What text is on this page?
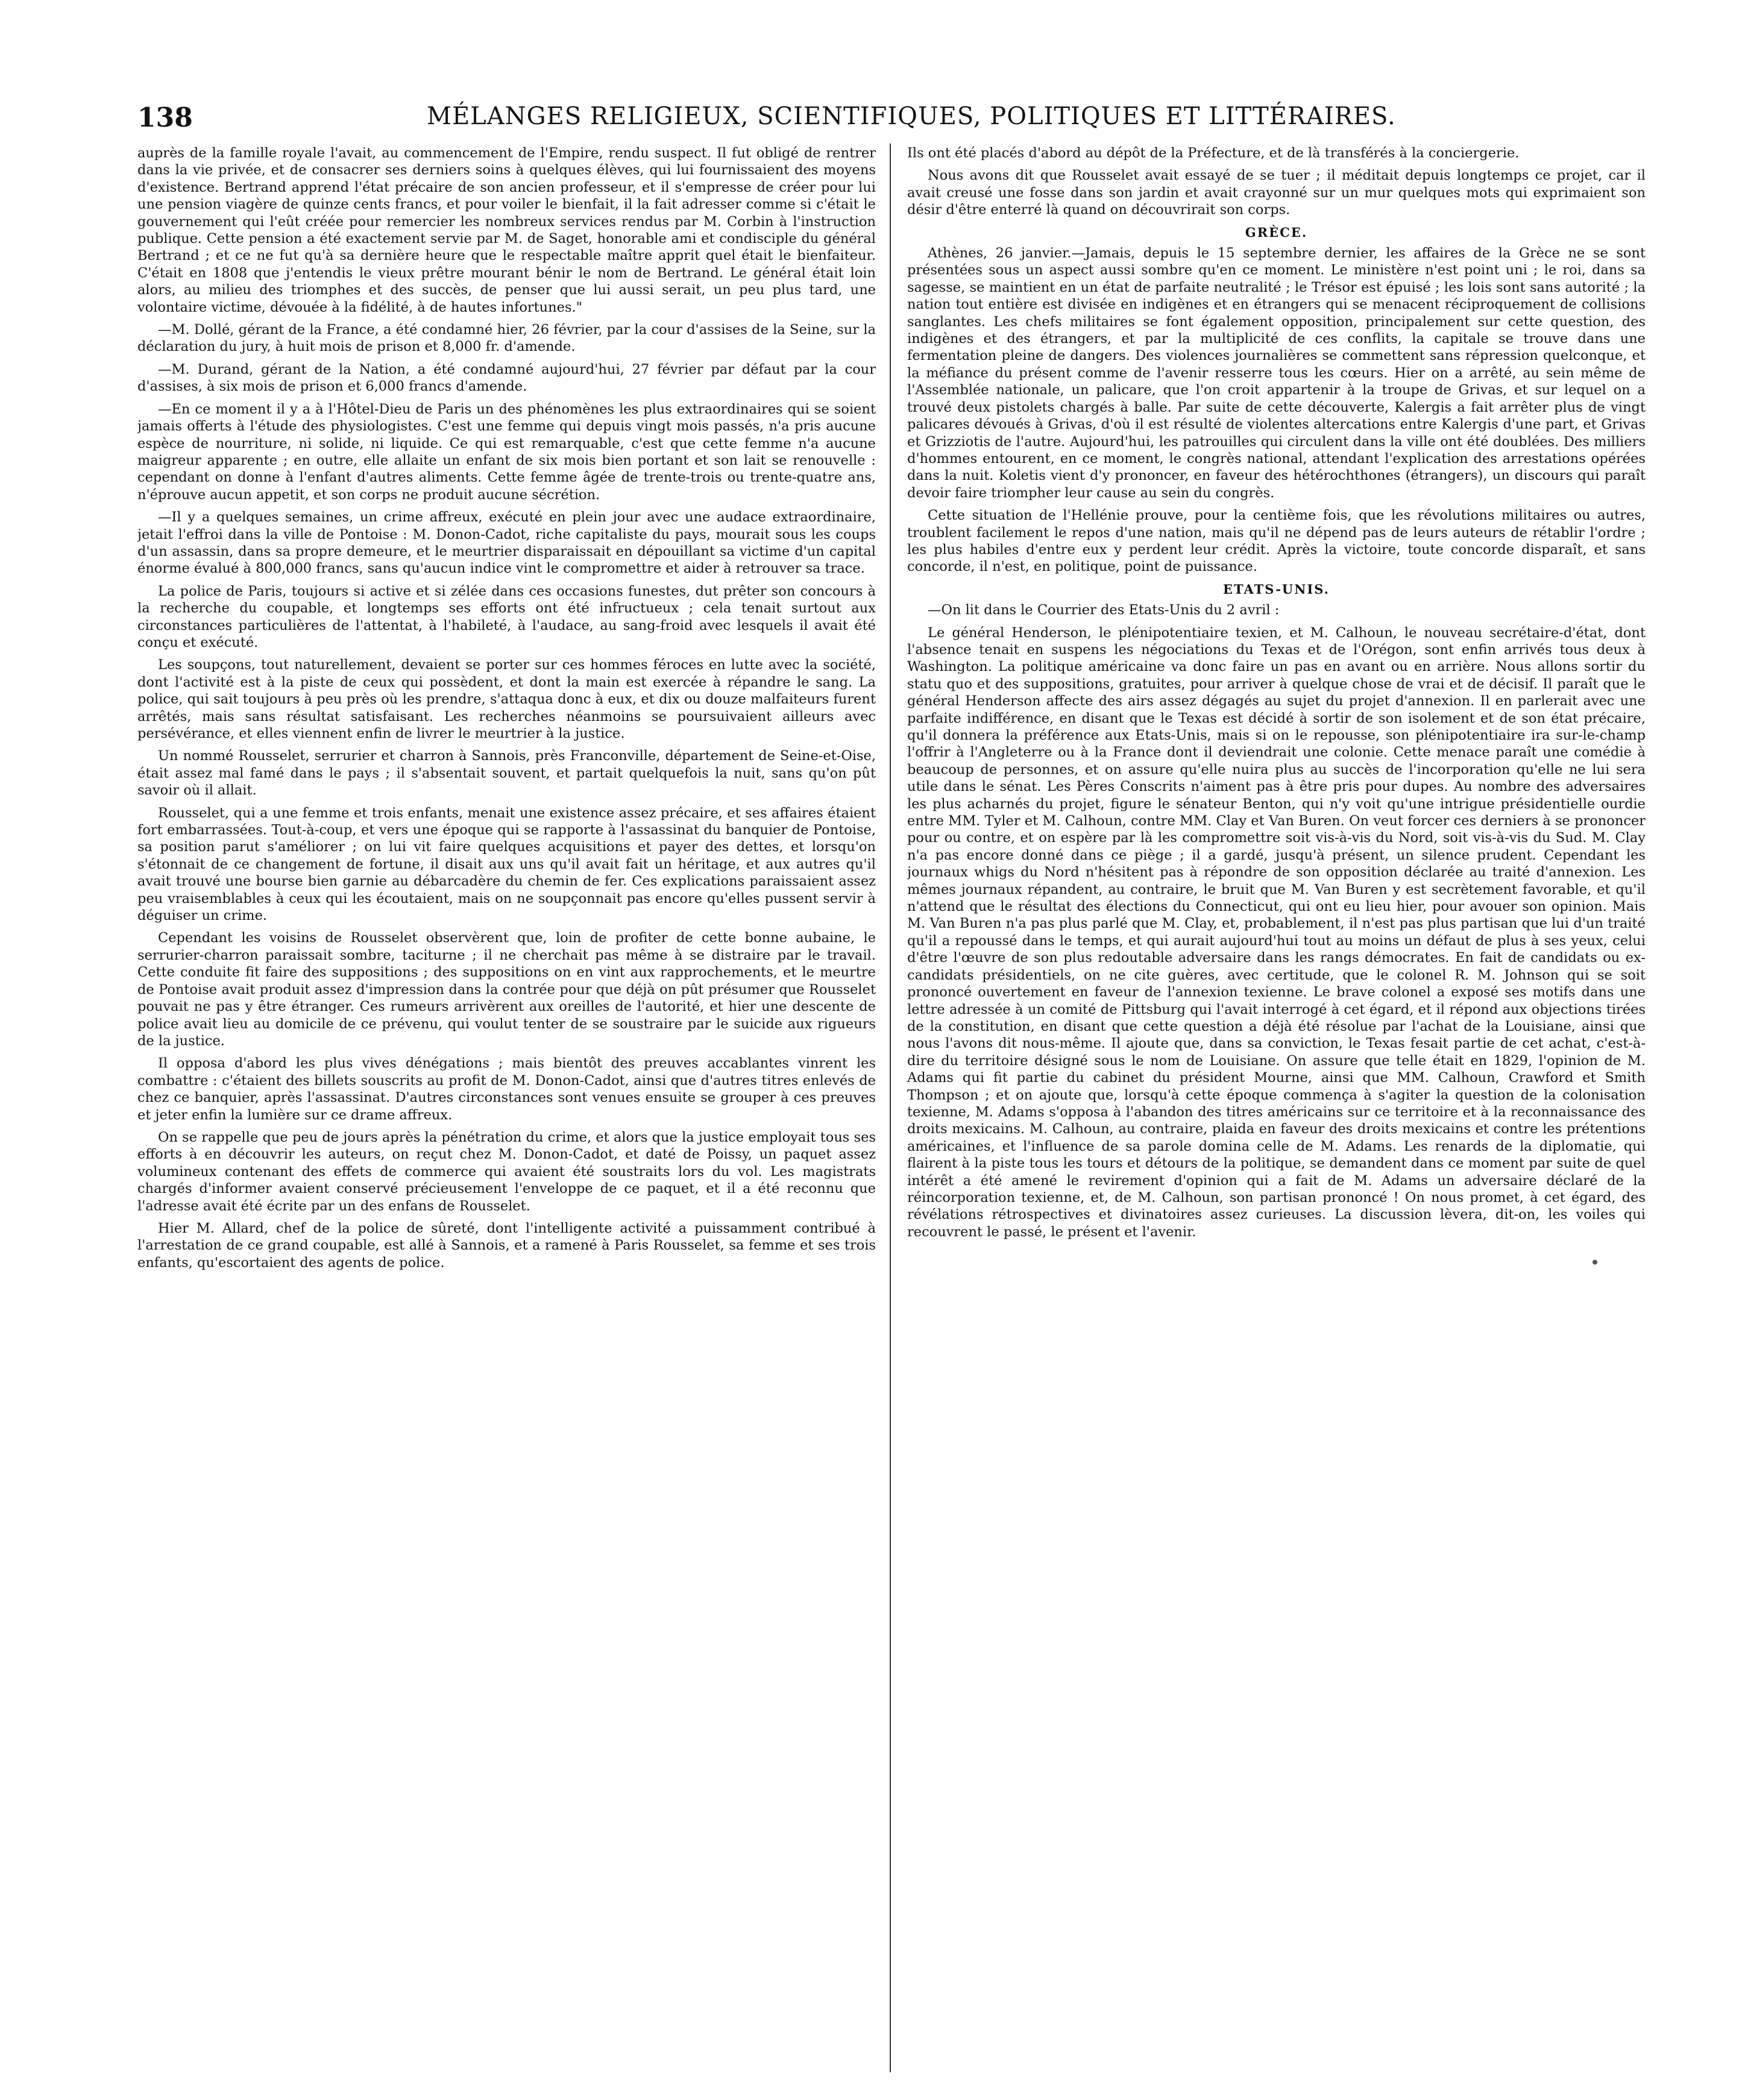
138	MÉLANGES RELIGIEUX, SCIENTIFIQUES, POLITIQUES ET LITTÉRAIRES.

auprès de la famille royale l'avait, au commencement de l'Empire, rendu suspect. Il fut obligé de rentrer dans la vie privée, et de consacrer ses derniers soins à quelques élèves, qui lui fournissaient des moyens d'existence. Bertrand apprend l'état précaire de son ancien professeur, et il s'empresse de créer pour lui une pension viagère de quinze cents francs, et pour voiler le bienfait, il la fait adresser comme si c'était le gouvernement qui l'eût créée pour remercier les nombreux services rendus par M. Corbin à l'instruction publique. Cette pension a été exactement servie par M. de Saget, honorable ami et condisciple du général Bertrand ; et ce ne fut qu'à sa dernière heure que le respectable maître apprit quel était le bienfaiteur. C'était en 1808 que j'entendis le vieux prêtre mourant bénir le nom de Bertrand. Le général était loin alors, au milieu des triomphes et des succès, de penser que lui aussi serait, un peu plus tard, une volontaire victime, dévouée à la fidélité, à de hautes infortunes."

—M. Dollé, gérant de la France, a été condamné hier, 26 février, par la cour d'assises de la Seine, sur la déclaration du jury, à huit mois de prison et 8,000 fr. d'amende.

—M. Durand, gérant de la Nation, a été condamné aujourd'hui, 27 février par défaut par la cour d'assises, à six mois de prison et 6,000 francs d'amende.

—En ce moment il y a à l'Hôtel-Dieu de Paris un des phénomènes les plus extraordinaires qui se soient jamais offerts à l'étude des physiologistes. C'est une femme qui depuis vingt mois passés, n'a pris aucune espèce de nourriture, ni solide, ni liquide. Ce qui est remarquable, c'est que cette femme n'a aucune maigreur apparente ; en outre, elle allaite un enfant de six mois bien portant et son lait se renouvelle : cependant on donne à l'enfant d'autres aliments. Cette femme âgée de trente-trois ou trente-quatre ans, n'éprouve aucun appetit, et son corps ne produit aucune sécrétion.

—Il y a quelques semaines, un crime affreux, exécuté en plein jour avec une audace extraordinaire, jetait l'effroi dans la ville de Pontoise : M. Donon-Cadot, riche capitaliste du pays, mourait sous les coups d'un assassin, dans sa propre demeure, et le meurtrier disparaissait en dépouillant sa victime d'un capital énorme évalué à 800,000 francs, sans qu'aucun indice vint le compromettre et aider à retrouver sa trace.

La police de Paris, toujours si active et si zélée dans ces occasions funestes, dut prêter son concours à la recherche du coupable, et longtemps ses efforts ont été infructueux ; cela tenait surtout aux circonstances particulières de l'attentat, à l'habileté, à l'audace, au sang-froid avec lesquels il avait été conçu et exécuté.

Les soupçons, tout naturellement, devaient se porter sur ces hommes féroces en lutte avec la société, dont l'activité est à la piste de ceux qui possèdent, et dont la main est exercée à répandre le sang. La police, qui sait toujours à peu près où les prendre, s'attaqua donc à eux, et dix ou douze malfaiteurs furent arrêtés, mais sans résultat satisfaisant. Les recherches néanmoins se poursuivaient ailleurs avec persévérance, et elles viennent enfin de livrer le meurtrier à la justice.

Un nommé Rousselet, serrurier et charron à Sannois, près Franconville, département de Seine-et-Oise, était assez mal famé dans le pays ; il s'absentait souvent, et partait quelquefois la nuit, sans qu'on pût savoir où il allait.

Rousselet, qui a une femme et trois enfants, menait une existence assez précaire, et ses affaires étaient fort embarrassées. Tout-à-coup, et vers une époque qui se rapporte à l'assassinat du banquier de Pontoise, sa position parut s'améliorer ; on lui vit faire quelques acquisitions et payer des dettes, et lorsqu'on s'étonnait de ce changement de fortune, il disait aux uns qu'il avait fait un héritage, et aux autres qu'il avait trouvé une bourse bien garnie au débarcadère du chemin de fer. Ces explications paraissaient assez peu vraisemblables à ceux qui les écoutaient, mais on ne soupçonnait pas encore qu'elles pussent servir à déguiser un crime.

Cependant les voisins de Rousselet observèrent que, loin de profiter de cette bonne aubaine, le serrurier-charron paraissait sombre, taciturne ; il ne cherchait pas même à se distraire par le travail. Cette conduite fit faire des suppositions ; des suppositions on en vint aux rapprochements, et le meurtre de Pontoise avait produit assez d'impression dans la contrée pour que déjà on pût présumer que Rousselet pouvait ne pas y être étranger. Ces rumeurs arrivèrent aux oreilles de l'autorité, et hier une descente de police avait lieu au domicile de ce prévenu, qui voulut tenter de se soustraire par le suicide aux rigueurs de la justice.

Il opposa d'abord les plus vives dénégations ; mais bientôt des preuves accablantes vinrent les combattre : c'étaient des billets souscrits au profit de M. Donon-Cadot, ainsi que d'autres titres enlevés de chez ce banquier, après l'assassinat. D'autres circonstances sont venues ensuite se grouper à ces preuves et jeter enfin la lumière sur ce drame affreux.

On se rappelle que peu de jours après la pénétration du crime, et alors que la justice employait tous ses efforts à en découvrir les auteurs, on reçut chez M. Donon-Cadot, et daté de Poissy, un paquet assez volumineux contenant des effets de commerce qui avaient été soustraits lors du vol. Les magistrats chargés d'informer avaient conservé précieusement l'enveloppe de ce paquet, et il a été reconnu que l'adresse avait été écrite par un des enfans de Rousselet.

Hier M. Allard, chef de la police de sûreté, dont l'intelligente activité a puissamment contribué à l'arrestation de ce grand coupable, est allé à Sannois, et a ramené à Paris Rousselet, sa femme et ses trois enfants, qu'escortaient des agents de police.

Ils ont été placés d'abord au dépôt de la Préfecture, et de là transférés à la conciergerie.

Nous avons dit que Rousselet avait essayé de se tuer ; il méditait depuis longtemps ce projet, car il avait creusé une fosse dans son jardin et avait crayonné sur un mur quelques mots qui exprimaient son désir d'être enterré là quand on découvrirait son corps.

GRÈCE.

Athènes, 26 janvier.—Jamais, depuis le 15 septembre dernier, les affaires de la Grèce ne se sont présentées sous un aspect aussi sombre qu'en ce moment. Le ministère n'est point uni ; le roi, dans sa sagesse, se maintient en un état de parfaite neutralité ; le Trésor est épuisé ; les lois sont sans autorité ; la nation tout entière est divisée en indigènes et en étrangers qui se menacent réciproquement de collisions sanglantes. Les chefs militaires se font également opposition, principalement sur cette question, des indigènes et des étrangers, et par la multiplicité de ces conflits, la capitale se trouve dans une fermentation pleine de dangers. Des violences journalières se commettent sans répression quelconque, et la méfiance du présent comme de l'avenir resserre tous les cœurs. Hier on a arrêté, au sein même de l'Assemblée nationale, un palicare, que l'on croit appartenir à la troupe de Grivas, et sur lequel on a trouvé deux pistolets chargés à balle. Par suite de cette découverte, Kalergis a fait arrêter plus de vingt palicares dévoués à Grivas, d'où il est résulté de violentes altercations entre Kalergis d'une part, et Grivas et Grizziotis de l'autre. Aujourd'hui, les patrouilles qui circulent dans la ville ont été doublées. Des milliers d'hommes entourent, en ce moment, le congrès national, attendant l'explication des arrestations opérées dans la nuit. Koletis vient d'y prononcer, en faveur des hétérochthones (étrangers), un discours qui paraît devoir faire triompher leur cause au sein du congrès.

Cette situation de l'Hellénie prouve, pour la centième fois, que les révolutions militaires ou autres, troublent facilement le repos d'une nation, mais qu'il ne dépend pas de leurs auteurs de rétablir l'ordre ; les plus habiles d'entre eux y perdent leur crédit. Après la victoire, toute concorde disparaît, et sans concorde, il n'est, en politique, point de puissance.

ETATS-UNIS.

—On lit dans le Courrier des Etats-Unis du 2 avril :

Le général Henderson, le plénipotentiaire texien, et M. Calhoun, le nouveau secrétaire-d'état, dont l'absence tenait en suspens les négociations du Texas et de l'Orégon, sont enfin arrivés tous deux à Washington. La politique américaine va donc faire un pas en avant ou en arrière. Nous allons sortir du statu quo et des suppositions, gratuites, pour arriver à quelque chose de vrai et de décisif. Il paraît que le général Henderson affecte des airs assez dégagés au sujet du projet d'annexion. Il en parlerait avec une parfaite indifférence, en disant que le Texas est décidé à sortir de son isolement et de son état précaire, qu'il donnera la préférence aux Etats-Unis, mais si on le repousse, son plénipotentiaire ira sur-le-champ l'offrir à l'Angleterre ou à la France dont il deviendrait une colonie. Cette menace paraît une comédie à beaucoup de personnes, et on assure qu'elle nuira plus au succès de l'incorporation qu'elle ne lui sera utile dans le sénat. Les Pères Conscrits n'aiment pas à être pris pour dupes. Au nombre des adversaires les plus acharnés du projet, figure le sénateur Benton, qui n'y voit qu'une intrigue présidentielle ourdie entre MM. Tyler et M. Calhoun, contre MM. Clay et Van Buren. On veut forcer ces derniers à se prononcer pour ou contre, et on espère par là les compromettre soit vis-à-vis du Nord, soit vis-à-vis du Sud. M. Clay n'a pas encore donné dans ce piège ; il a gardé, jusqu'à présent, un silence prudent. Cependant les journaux whigs du Nord n'hésitent pas à répondre de son opposition déclarée au traité d'annexion. Les mêmes journaux répandent, au contraire, le bruit que M. Van Buren y est secrètement favorable, et qu'il n'attend que le résultat des élections du Connecticut, qui ont eu lieu hier, pour avouer son opinion. Mais M. Van Buren n'a pas plus parlé que M. Clay, et, probablement, il n'est pas plus partisan que lui d'un traité qu'il a repoussé dans le temps, et qui aurait aujourd'hui tout au moins un défaut de plus à ses yeux, celui d'être l'œuvre de son plus redoutable adversaire dans les rangs démocrates. En fait de candidats ou ex-candidats présidentiels, on ne cite guères, avec certitude, que le colonel R. M. Johnson qui se soit prononcé ouvertement en faveur de l'annexion texienne. Le brave colonel a exposé ses motifs dans une lettre adressée à un comité de Pittsburg qui l'avait interrogé à cet égard, et il répond aux objections tirées de la constitution, en disant que cette question a déjà été résolue par l'achat de la Louisiane, ainsi que nous l'avons dit nous-même. Il ajoute que, dans sa conviction, le Texas fesait partie de cet achat, c'est-à-dire du territoire désigné sous le nom de Louisiane. On assure que telle était en 1829, l'opinion de M. Adams qui fit partie du cabinet du président Mourne, ainsi que MM. Calhoun, Crawford et Smith Thompson ; et on ajoute que, lorsqu'à cette époque commença à s'agiter la question de la colonisation texienne, M. Adams s'opposa à l'abandon des titres américains sur ce territoire et à la reconnaissance des droits mexicains. M. Calhoun, au contraire, plaida en faveur des droits mexicains et contre les prétentions américaines, et l'influence de sa parole domina celle de M. Adams. Les renards de la diplomatie, qui flairent à la piste tous les tours et détours de la politique, se demandent dans ce moment par suite de quel intérêt a été amené le revirement d'opinion qui a fait de M. Adams un adversaire déclaré de la réincorporation texienne, et, de M. Calhoun, son partisan prononcé ! On nous promet, à cet égard, des révélations rétrospectives et divinatoires assez curieuses. La discussion lèvera, dit-on, les voiles qui recouvrent le passé, le présent et l'avenir.
